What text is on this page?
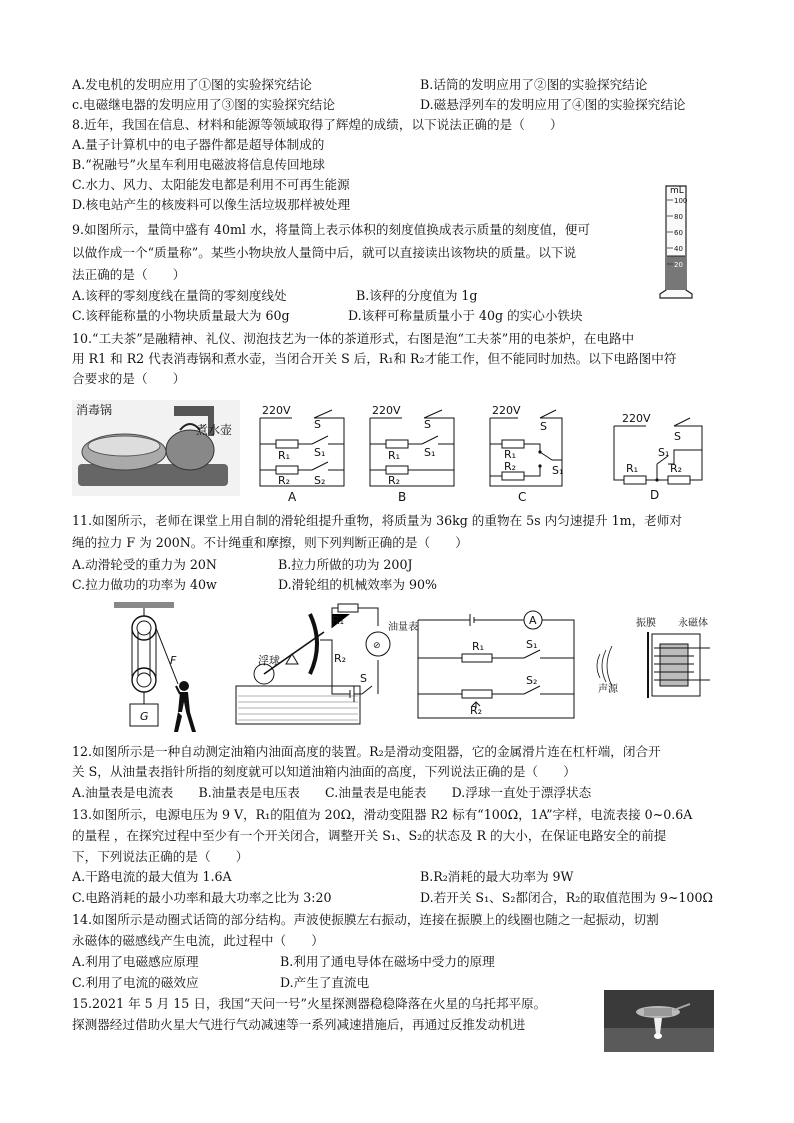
A.发电机的发明应用了①图的实验探究结论	B.话筒的发明应用了②图的实验探究结论
c.电磁继电器的发明应用了③图的实验探究结论	D.磁悬浮列车的发明应用了④图的实验探究结论
8.近年，我国在信息、材料和能源等领域取得了辉煌的成绩，以下说法正确的是（　　）
A.量子计算机中的电子器件都是超导体制成的
B.“祝融号”火星车利用电磁波将信息传回地球
C.水力、风力、太阳能发电都是利用不可再生能源
D.核电站产生的核废料可以像生活垃圾那样被处理
9.如图所示，量筒中盛有 40ml 水，将量筒上表示体积的刻度值换成表示质量的刻度值，便可
以做作成一个“质量称”。某些小物块放人量筒中后，就可以直接读出该物块的质量。以下说
法正确的是（　　）
A.该秤的零刻度线在量筒的零刻度线处	B.该秤的分度值为 1g
C.该秤能称量的小物块质量最大为 60g	D.该秤可称量质量小于 40g 的实心小铁块
mL
100
80
60
40
20
10.“工夫茶”是融精神、礼仪、沏泡技艺为一体的茶道形式，右图是泡“工夫茶”用的电茶炉，在电路中
用 R1 和 R2 代表消毒锅和煮水壶，当闭合开关 S 后，R₁和 R₂才能工作，但不能同时加热。以下电路图中符
合要求的是（　　）
消毒锅
煮水壶
220V
S
R₁ S₁
R₂ S₂
A
220V
S
R₁ S₁
R₂
B
220V
S
R₁
S₁
R₂
C
220V
S
S₁
R₁	R₂
D
11.如图所示，老师在课堂上用自制的滑轮组提升重物，将质量为 36kg 的重物在 5s 内匀速提升 1m，老师对
绳的拉力 F 为 200N。不计绳重和摩擦，则下列判断正确的是（　　）
A.动滑轮受的重力为 20N	B.拉力所做的功为 200J
C.拉力做功的功率为 40w	D.滑轮组的机械效率为 90%
G
F
⊘
R₁
R₂
S
浮球
油量表
A
R₁	S₁
R₂
S₂
声源
振膜 永磁体
12.如图所示是一种自动测定油箱内油面高度的装置。R₂是滑动变阻器，它的金属滑片连在杠杆端，闭合开
关 S，从油量表指针所指的刻度就可以知道油箱内油面的高度，下列说法正确的是（　　）
A.油量表是电流表　　B.油量表是电压表　　C.油量表是电能表　　D.浮球一直处于漂浮状态
13.如图所示，电源电压为 9 V，R₁的阻值为 20Ω，滑动变阻器 R2 标有“100Ω，1A”字样，电流表接 0~0.6A
的量程 ，在探究过程中至少有一个开关闭合，调整开关 S₁、S₂的状态及 R 的大小，在保证电路安全的前提
下，下列说法正确的是（　　）
A.干路电流的最大值为 1.6A	B.R₂消耗的最大功率为 9W
C.电路消耗的最小功率和最大功率之比为 3:20	D.若开关 S₁、S₂都闭合，R₂的取值范围为 9~100Ω
14.如图所示是动圈式话筒的部分结构。声波使振膜左右振动，连接在振膜上的线圈也随之一起振动，切割
永磁体的磁感线产生电流，此过程中（　　）
A.利用了电磁感应原理	B.利用了通电导体在磁场中受力的原理
C.利用了电流的磁效应	D.产生了直流电
15.2021 年 5 月 15 日，我国“天问一号”火星探测器稳稳降落在火星的乌托邦平原。
探测器经过借助火星大气进行气动减速等一系列减速措施后，再通过反推发动机进
